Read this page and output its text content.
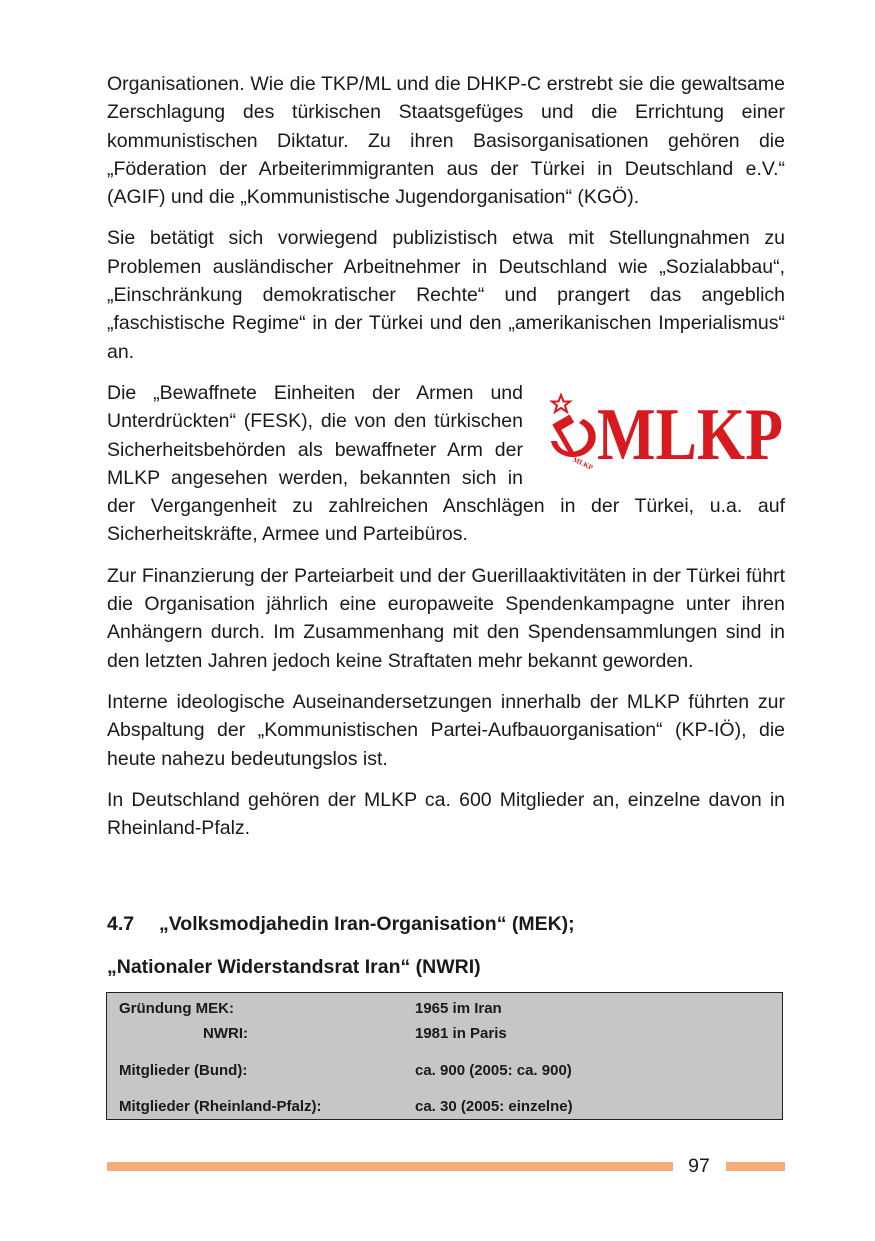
Organisationen. Wie die TKP/ML und die DHKP-C erstrebt sie die gewaltsame Zerschlagung des türkischen Staatsgefüges und die Errichtung einer kommunistischen Diktatur. Zu ihren Basisorganisationen gehören die „Föderation der Arbeiterimmigranten aus der Türkei in Deutschland e.V.“ (AGIF) und die „Kommunistische Jugendorganisation“ (KGÖ).

Sie betätigt sich vorwiegend publizistisch etwa mit Stellungnahmen zu Problemen ausländischer Arbeitnehmer in Deutschland wie „Sozialabbau“, „Einschränkung demokratischer Rechte“ und prangert das angeblich „faschistische Regime“ in der Türkei und den „amerikanischen Imperialismus“ an.

MLKP MLKP

Die „Bewaffnete Einheiten der Armen und Unterdrückten“ (FESK), die von den türkischen Sicherheitsbehörden als bewaffneter Arm der MLKP angesehen werden, bekannten sich in der Vergangenheit zu zahlreichen Anschlägen in der Türkei, u.a. auf Sicherheitskräfte, Armee und Parteibüros.

Zur Finanzierung der Parteiarbeit und der Guerillaaktivitäten in der Türkei führt die Organisation jährlich eine europaweite Spendenkampagne unter ihren Anhängern durch. Im Zusammenhang mit den Spendensammlungen sind in den letzten Jahren jedoch keine Straftaten mehr bekannt geworden.

Interne ideologische Auseinandersetzungen innerhalb der MLKP führten zur Abspaltung der „Kommunistischen Partei-Aufbauorganisation“ (KP-IÖ), die heute nahezu bedeutungslos ist.

In Deutschland gehören der MLKP ca. 600 Mitglieder an, einzelne davon in Rheinland-Pfalz.

4.7 „Volksmodjahedin Iran-Organisation“ (MEK);
„Nationaler Widerstandsrat Iran“ (NWRI)
Gründung MEK:	1965 im Iran
NWRI:	1981 in Paris
Mitglieder (Bund):	ca. 900 (2005: ca. 900)
Mitglieder (Rheinland-Pfalz):	ca. 30 (2005: einzelne)
97
